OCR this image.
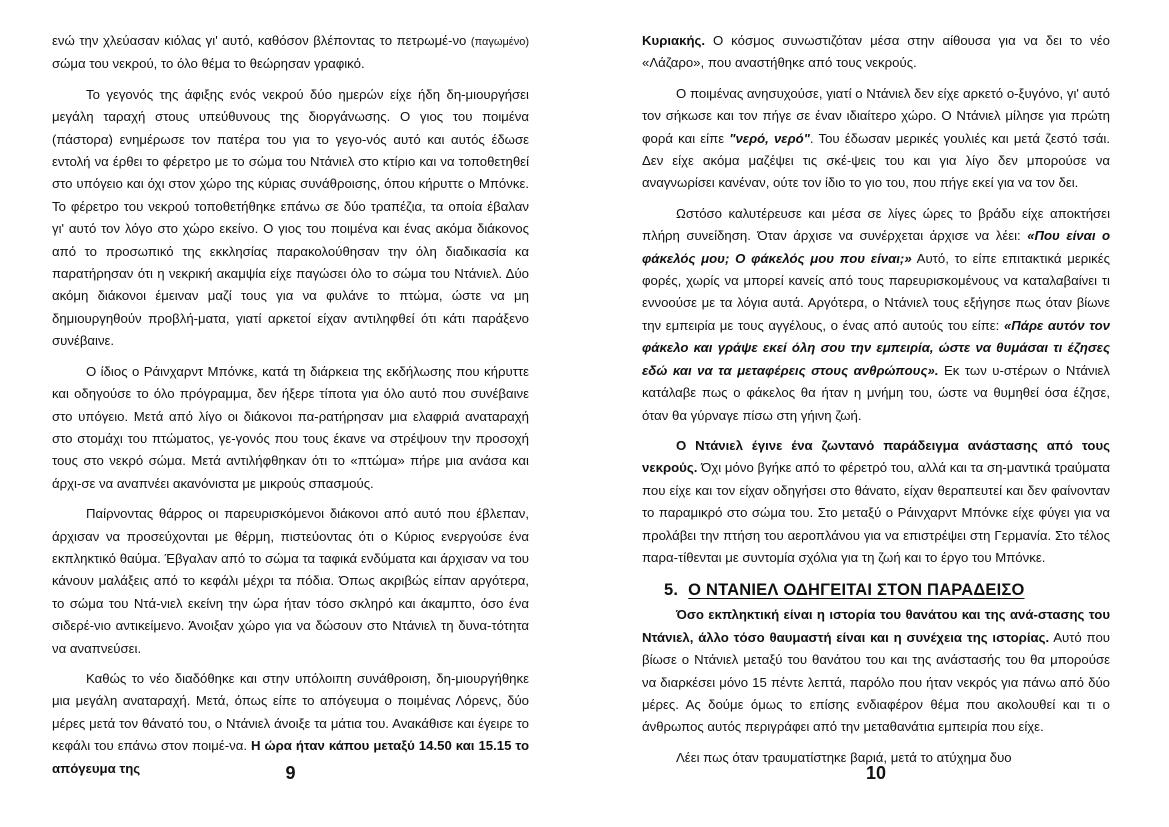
ενώ την χλεύασαν κιόλας γι' αυτό, καθόσον βλέποντας το πετρωμέ-νο (παγωμένο) σώμα του νεκρού, το όλο θέμα το θεώρησαν γραφικό.

Το γεγονός της άφιξης ενός νεκρού δύο ημερών είχε ήδη δη-μιουργήσει μεγάλη ταραχή στους υπεύθυνους της διοργάνωσης. Ο γιος του ποιμένα (πάστορα) ενημέρωσε τον πατέρα του για το γεγο-νός αυτό και αυτός έδωσε εντολή να έρθει το φέρετρο με το σώμα του Ντάνιελ στο κτίριο και να τοποθετηθεί στο υπόγειο και όχι στον χώρο της κύριας συνάθροισης, όπου κήρυττε ο Μπόνκε. Το φέρετρο του νεκρού τοποθετήθηκε επάνω σε δύο τραπέζια, τα οποία έβαλαν γι' αυτό τον λόγο στο χώρο εκείνο. Ο γιος του ποιμένα και ένας ακόμα διάκονος από το προσωπικό της εκκλησίας παρακολούθησαν την όλη διαδικασία κα παρατήρησαν ότι η νεκρική ακαμψία είχε παγώσει όλο το σώμα του Ντάνιελ. Δύο ακόμη διάκονοι έμειναν μαζί τους για να φυλάνε το πτώμα, ώστε να μη δημιουργηθούν προβλή-ματα, γιατί αρκετοί είχαν αντιληφθεί ότι κάτι παράξενο συνέβαινε.

Ο ίδιος ο Ράινχαρντ Μπόνκε, κατά τη διάρκεια της εκδήλωσης που κήρυττε και οδηγούσε το όλο πρόγραμμα, δεν ήξερε τίποτα για όλο αυτό που συνέβαινε στο υπόγειο. Μετά από λίγο οι διάκονοι πα-ρατήρησαν μια ελαφριά αναταραχή στο στομάχι του πτώματος, γε-γονός που τους έκανε να στρέψουν την προσοχή τους στο νεκρό σώμα. Μετά αντιλήφθηκαν ότι το «πτώμα» πήρε μια ανάσα και άρχι-σε να αναπνέει ακανόνιστα με μικρούς σπασμούς.

Παίρνοντας θάρρος οι παρευρισκόμενοι διάκονοι από αυτό που έβλεπαν, άρχισαν να προσεύχονται με θέρμη, πιστεύοντας ότι ο Κύριος ενεργούσε ένα εκπληκτικό θαύμα. Έβγαλαν από το σώμα τα ταφικά ενδύματα και άρχισαν να του κάνουν μαλάξεις από το κεφάλι μέχρι τα πόδια. Όπως ακριβώς είπαν αργότερα, το σώμα του Ντά-νιελ εκείνη την ώρα ήταν τόσο σκληρό και άκαμπτο, όσο ένα σιδερέ-νιο αντικείμενο. Άνοιξαν χώρο για να δώσουν στο Ντάνιελ τη δυνα-τότητα να αναπνεύσει.

Καθώς το νέο διαδόθηκε και στην υπόλοιπη συνάθροιση, δη-μιουργήθηκε μια μεγάλη αναταραχή. Μετά, όπως είπε το απόγευμα ο ποιμένας Λόρενς, δύο μέρες μετά τον θάνατό του, ο Ντάνιελ άνοιξε τα μάτια του. Ανακάθισε και έγειρε το κεφάλι του επάνω στον ποιμέ-να. Η ώρα ήταν κάπου μεταξύ 14.50 και 15.15 το απόγευμα της	9

Κυριακής. Ο κόσμος συνωστιζόταν μέσα στην αίθουσα για να δει το νέο «Λάζαρο», που αναστήθηκε από τους νεκρούς.

Ο ποιμένας ανησυχούσε, γιατί ο Ντάνιελ δεν είχε αρκετό ο-ξυγόνο, γι' αυτό τον σήκωσε και τον πήγε σε έναν ιδιαίτερο χώρο. Ο Ντάνιελ μίλησε για πρώτη φορά και είπε "νερό, νερό". Του έδωσαν μερικές γουλιές και μετά ζεστό τσάι. Δεν είχε ακόμα μαζέψει τις σκέ-ψεις του και για λίγο δεν μπορούσε να αναγνωρίσει κανέναν, ούτε τον ίδιο το γιο του, που πήγε εκεί για να τον δει.

Ωστόσο καλυτέρευσε και μέσα σε λίγες ώρες το βράδυ είχε αποκτήσει πλήρη συνείδηση. Όταν άρχισε να συνέρχεται άρχισε να λέει: «Που είναι ο φάκελός μου; Ο φάκελός μου που είναι;» Αυτό, το είπε επιτακτικά μερικές φορές, χωρίς να μπορεί κανείς από τους παρευρισκομένους να καταλαβαίνει τι εννοούσε με τα λόγια αυτά. Αργότερα, ο Ντάνιελ τους εξήγησε πως όταν βίωνε την εμπειρία με τους αγγέλους, ο ένας από αυτούς του είπε: «Πάρε αυτόν τον φάκελο και γράψε εκεί όλη σου την εμπειρία, ώστε να θυμάσαι τι έζησες εδώ και να τα μεταφέρεις στους ανθρώπους». Εκ των υ-στέρων ο Ντάνιελ κατάλαβε πως ο φάκελος θα ήταν η μνήμη του, ώστε να θυμηθεί όσα έζησε, όταν θα γύρναγε πίσω στη γήινη ζωή.

Ο Ντάνιελ έγινε ένα ζωντανό παράδειγμα ανάστασης από τους νεκρούς. Όχι μόνο βγήκε από το φέρετρό του, αλλά και τα ση-μαντικά τραύματα που είχε και τον είχαν οδηγήσει στο θάνατο, είχαν θεραπευτεί και δεν φαίνονταν το παραμικρό στο σώμα του. Στο μεταξύ ο Ράινχαρντ Μπόνκε είχε φύγει για να προλάβει την πτήση του αεροπλάνου για να επιστρέψει στη Γερμανία. Στο τέλος παρα-τίθενται με συντομία σχόλια για τη ζωή και το έργο του Μπόνκε.

5. Ο ΝΤΑΝΙΕΛ ΟΔΗΓΕΙΤΑΙ ΣΤΟΝ ΠΑΡΑΔΕΙΣΟ

Όσο εκπληκτική είναι η ιστορία του θανάτου και της ανά-στασης του Ντάνιελ, άλλο τόσο θαυμαστή είναι και η συνέχεια της ιστορίας. Αυτό που βίωσε ο Ντάνιελ μεταξύ του θανάτου του και της ανάστασής του θα μπορούσε να διαρκέσει μόνο 15 πέντε λεπτά, παρόλο που ήταν νεκρός για πάνω από δύο μέρες. Ας δούμε όμως το επίσης ενδιαφέρον θέμα που ακολουθεί και τι ο άνθρωπος αυτός περιγράφει από την μεταθανάτια εμπειρία που είχε.

Λέει πως όταν τραυματίστηκε βαριά, μετά το ατύχημα δυο

10
